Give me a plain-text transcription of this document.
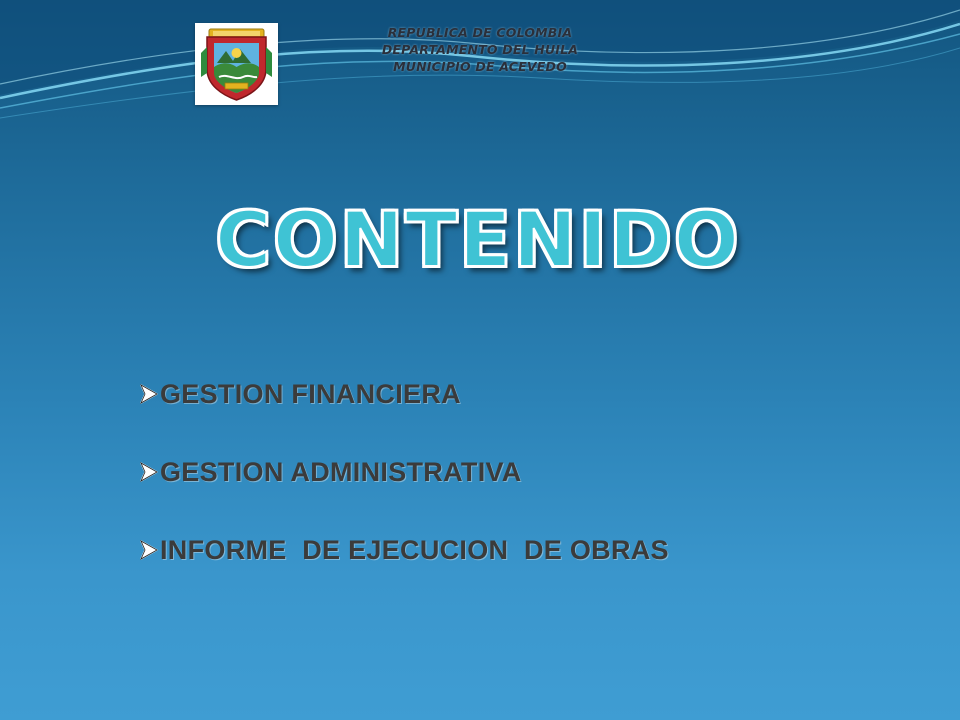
REPUBLICA DE COLOMBIA
DEPARTAMENTO DEL HUILA
MUNICIPIO DE ACEVEDO
CONTENIDO
GESTION FINANCIERA
GESTION ADMINISTRATIVA
INFORME  DE EJECUCION  DE OBRAS
